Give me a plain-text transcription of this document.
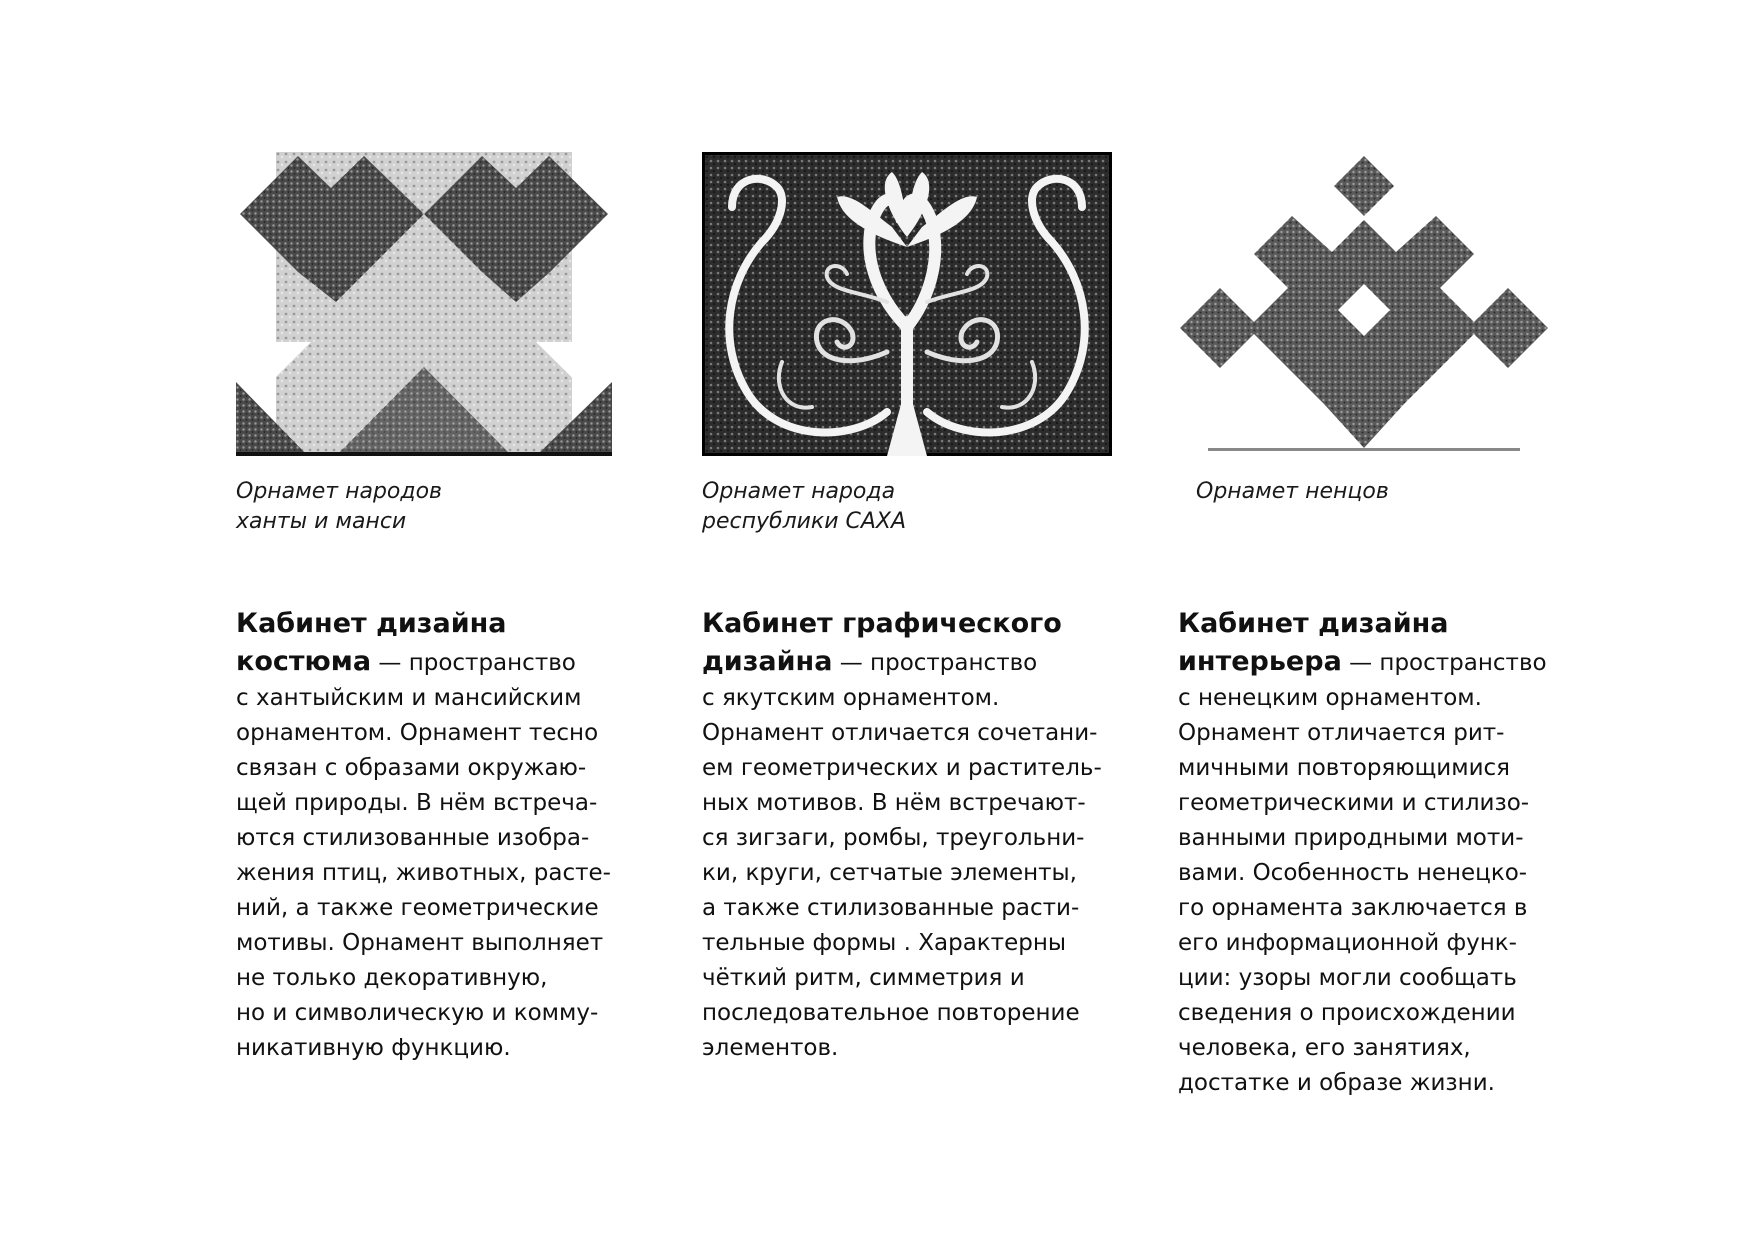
Орнамет народов
ханты и манси

Кабинет дизайна
костюма — пространство
с хантыйским и мансийским
орнаментом. Орнамент тесно
связан с образами окружаю-
щей природы. В нём встреча-
ются стилизованные изобра-
жения птиц, животных, расте-
ний, а также геометрические
мотивы. Орнамент выполняет
не только декоративную,
но и символическую и комму-
никативную функцию.

Орнамет народа
республики САХА

Кабинет графического
дизайна — пространство
с якутским орнаментом.
Орнамент отличается сочетани-
ем геометрических и раститель-
ных мотивов. В нём встречают-
ся зигзаги, ромбы, треугольни-
ки, круги, сетчатые элементы,
а также стилизованные расти-
тельные формы . Характерны
чёткий ритм, симметрия и
последовательное повторение
элементов.

Орнамет ненцов

Кабинет дизайна
интерьера — пространство
с ненецким орнаментом.
Орнамент отличается рит-
мичными повторяющимися
геометрическими и стилизо-
ванными природными моти-
вами. Особенность ненецко-
го орнамента заключается в
его информационной функ-
ции: узоры могли сообщать
сведения о происхождении
человека, его занятиях,
достатке и образе жизни.
